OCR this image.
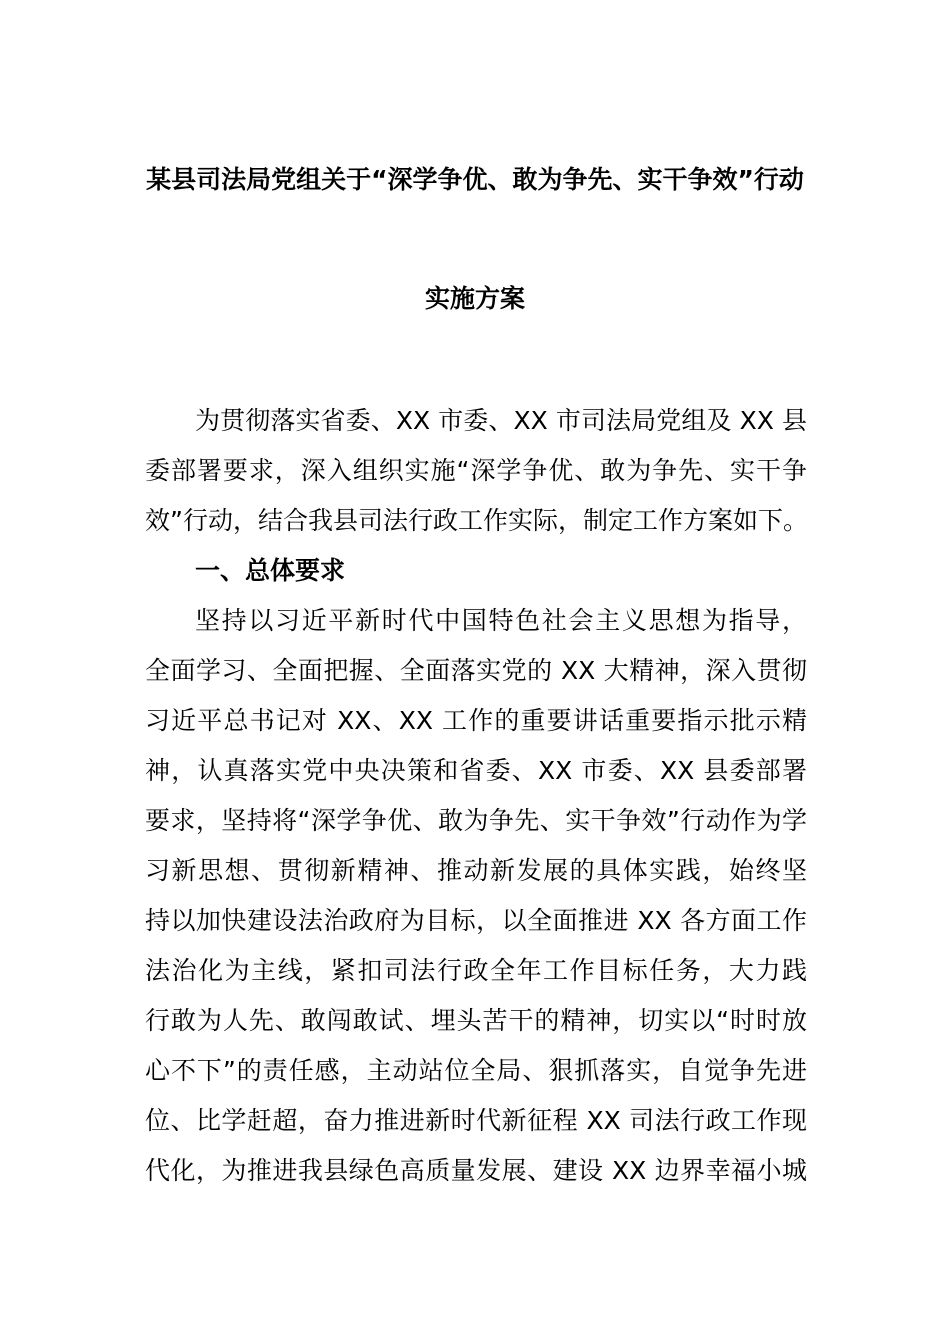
某县司法局党组关于“深学争优、敢为争先、实干争效”行动
实施方案
为贯彻落实省委、XX 市委、XX 市司法局党组及 XX 县
委部署要求，深入组织实施“深学争优、敢为争先、实干争
效”行动，结合我县司法行政工作实际，制定工作方案如下。
一、总体要求
坚持以习近平新时代中国特色社会主义思想为指导，
全面学习、全面把握、全面落实党的 XX 大精神，深入贯彻
习近平总书记对 XX、XX 工作的重要讲话重要指示批示精
神，认真落实党中央决策和省委、XX 市委、XX 县委部署
要求，坚持将“深学争优、敢为争先、实干争效”行动作为学
习新思想、贯彻新精神、推动新发展的具体实践，始终坚
持以加快建设法治政府为目标，以全面推进 XX 各方面工作
法治化为主线，紧扣司法行政全年工作目标任务，大力践
行敢为人先、敢闯敢试、埋头苦干的精神，切实以“时时放
心不下”的责任感，主动站位全局、狠抓落实，自觉争先进
位、比学赶超，奋力推进新时代新征程 XX 司法行政工作现
代化，为推进我县绿色高质量发展、建设 XX 边界幸福小城
